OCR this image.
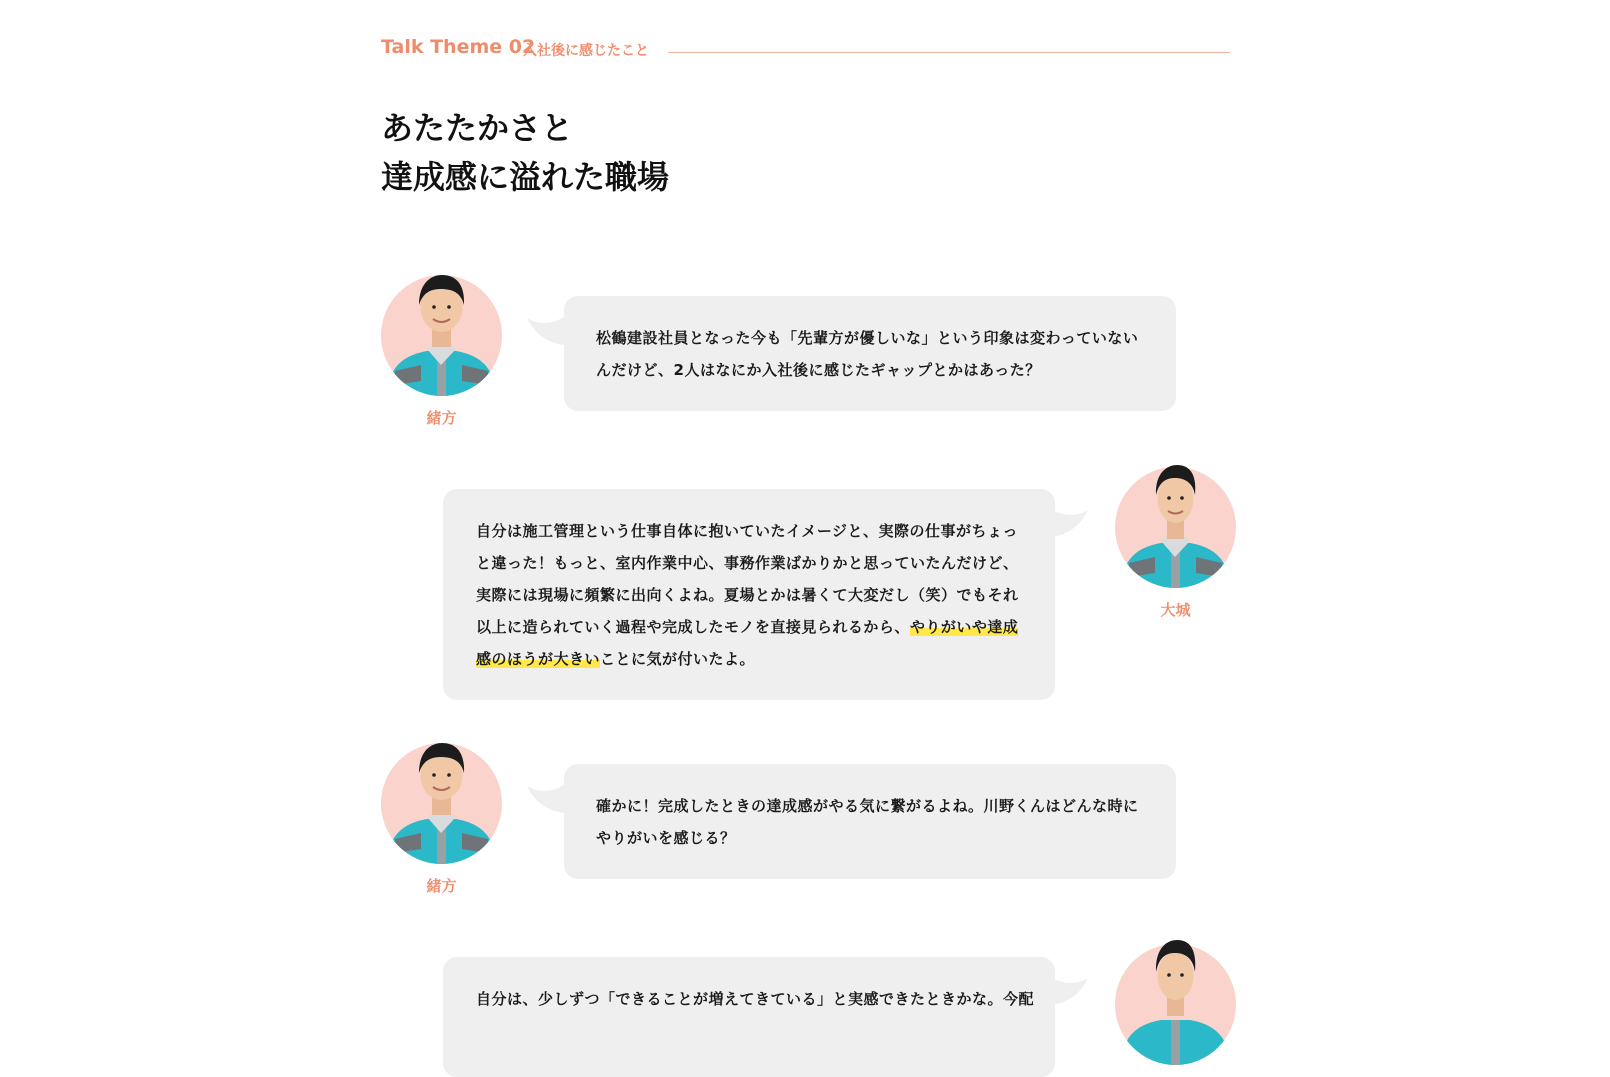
Talk Theme 02
入社後に感じたこと
あたたかさと
達成感に溢れた職場
緒方
松鶴建設社員となった今も「先輩方が優しいな」という印象は変わっていないんだけど、2人はなにか入社後に感じたギャップとかはあった？
大城
自分は施工管理という仕事自体に抱いていたイメージと、実際の仕事がちょっと違った！もっと、室内作業中心、事務作業ばかりかと思っていたんだけど、実際には現場に頻繁に出向くよね。夏場とかは暑くて大変だし（笑）でもそれ以上に造られていく過程や完成したモノを直接見られるから、やりがいや達成感のほうが大きいことに気が付いたよ。
緒方
確かに！完成したときの達成感がやる気に繋がるよね。川野くんはどんな時にやりがいを感じる？
自分は、少しずつ「できることが増えてきている」と実感できたときかな。今配
